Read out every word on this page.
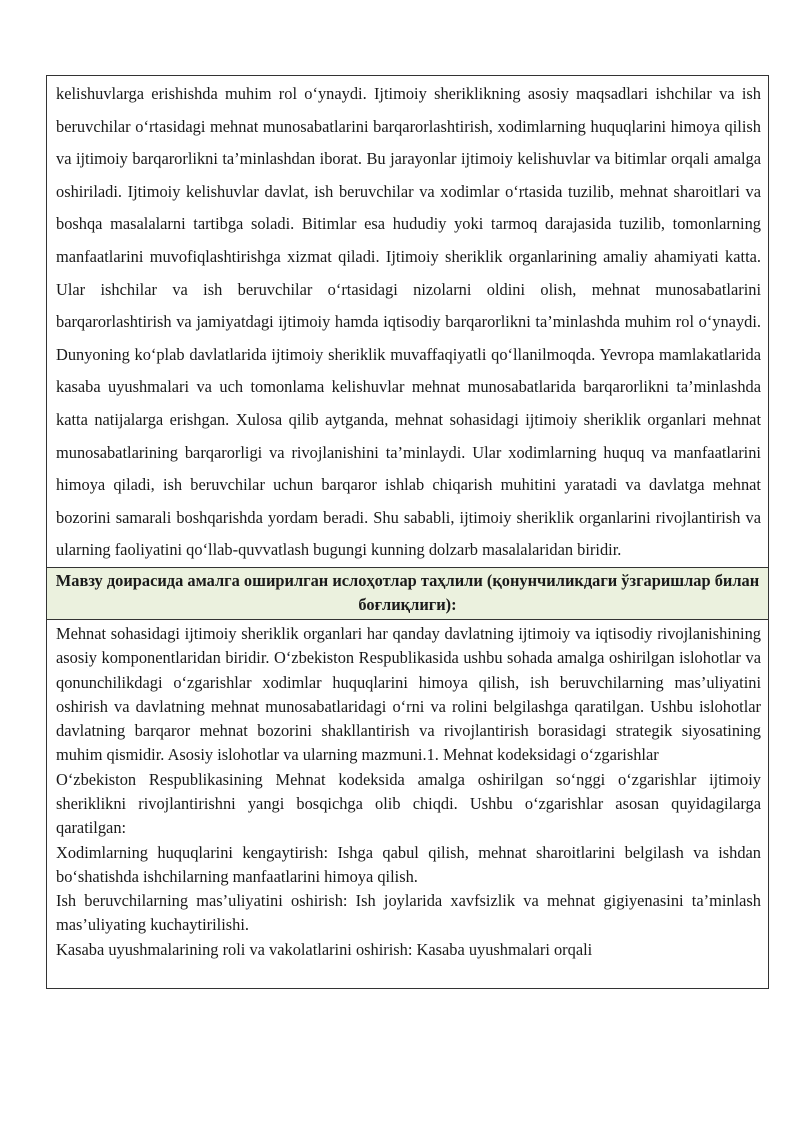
kelishuvlarga erishishda muhim rol o‘ynaydi. Ijtimoiy sheriklikning asosiy maqsadlari ishchilar va ish beruvchilar o‘rtasidagi mehnat munosabatlarini barqarorlashtirish, xodimlarning huquqlarini himoya qilish va ijtimoiy barqarorlikni ta’minlashdan iborat. Bu jarayonlar ijtimoiy kelishuvlar va bitimlar orqali amalga oshiriladi. Ijtimoiy kelishuvlar davlat, ish beruvchilar va xodimlar o‘rtasida tuzilib, mehnat sharoitlari va boshqa masalalarni tartibga soladi. Bitimlar esa hududiy yoki tarmoq darajasida tuzilib, tomonlarning manfaatlarini muvofiqlashtirishga xizmat qiladi. Ijtimoiy sheriklik organlarining amaliy ahamiyati katta. Ular ishchilar va ish beruvchilar o‘rtasidagi nizolarni oldini olish, mehnat munosabatlarini barqarorlashtirish va jamiyatdagi ijtimoiy hamda iqtisodiy barqarorlikni ta’minlashda muhim rol o‘ynaydi. Dunyoning ko‘plab davlatlarida ijtimoiy sheriklik muvaffaqiyatli qo‘llanilmoqda. Yevropa mamlakatlarida kasaba uyushmalari va uch tomonlama kelishuvlar mehnat munosabatlarida barqarorlikni ta’minlashda katta natijalarga erishgan. Xulosa qilib aytganda, mehnat sohasidagi ijtimoiy sheriklik organlari mehnat munosabatlarining barqarorligi va rivojlanishini ta’minlaydi. Ular xodimlarning huquq va manfaatlarini himoya qiladi, ish beruvchilar uchun barqaror ishlab chiqarish muhitini yaratadi va davlatga mehnat bozorini samarali boshqarishda yordam beradi. Shu sababli, ijtimoiy sheriklik organlarini rivojlantirish va ularning faoliyatini qo‘llab-quvvatlash bugungi kunning dolzarb masalalaridan biridir.

Мавзу доирасида амалга оширилган ислоҳотлар таҳлили (қонунчиликдаги ўзгаришлар билан боғлиқлиги):

Mehnat sohasidagi ijtimoiy sheriklik organlari har qanday davlatning ijtimoiy va iqtisodiy rivojlanishining asosiy komponentlaridan biridir. O‘zbekiston Respublikasida ushbu sohada amalga oshirilgan islohotlar va qonunchilikdagi o‘zgarishlar xodimlar huquqlarini himoya qilish, ish beruvchilarning mas’uliyatini oshirish va davlatning mehnat munosabatlaridagi o‘rni va rolini belgilashga qaratilgan. Ushbu islohotlar davlatning barqaror mehnat bozorini shakllantirish va rivojlantirish borasidagi strategik siyosatining muhim qismidir. Asosiy islohotlar va ularning mazmuni.1. Mehnat kodeksidagi o‘zgarishlar

O‘zbekiston Respublikasining Mehnat kodeksida amalga oshirilgan so‘nggi o‘zgarishlar ijtimoiy sheriklikni rivojlantirishni yangi bosqichga olib chiqdi. Ushbu o‘zgarishlar asosan quyidagilarga qaratilgan:

Xodimlarning huquqlarini kengaytirish: Ishga qabul qilish, mehnat sharoitlarini belgilash va ishdan bo‘shatishda ishchilarning manfaatlarini himoya qilish.

Ish beruvchilarning mas’uliyatini oshirish: Ish joylarida xavfsizlik va mehnat gigiyenasini ta’minlash mas’uliyating kuchaytirilishi.

Kasaba uyushmalarining roli va vakolatlarini oshirish: Kasaba uyushmalari orqali
